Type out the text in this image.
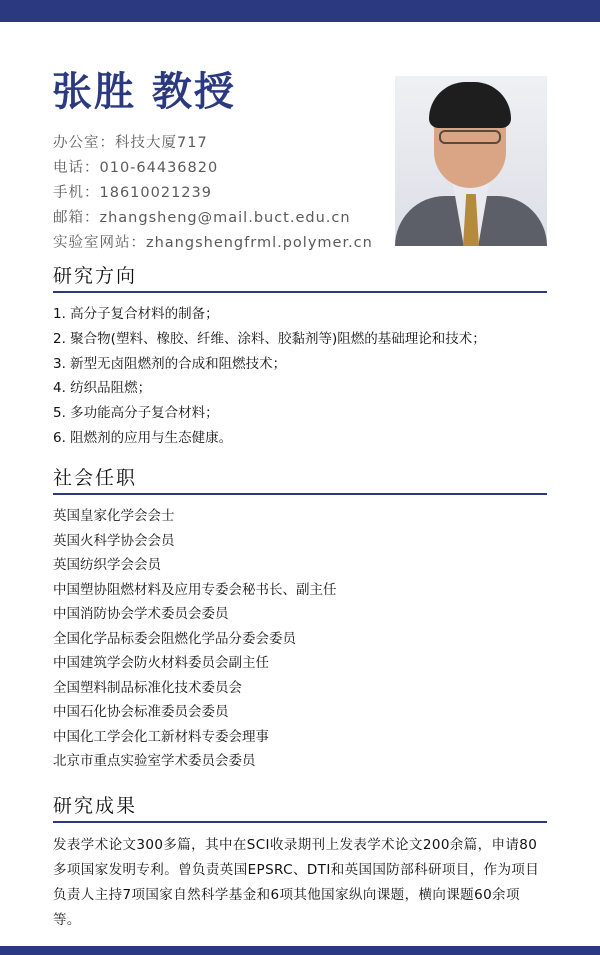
张胜 教授
办公室：科技大厦717
电话：010-64436820
手机：18610021239
邮箱：zhangsheng@mail.buct.edu.cn
实验室网站：zhangshengfrml.polymer.cn
研究方向
1. 高分子复合材料的制备；
2. 聚合物(塑料、橡胶、纤维、涂料、胶黏剂等)阻燃的基础理论和技术；
3. 新型无卤阻燃剂的合成和阻燃技术；
4. 纺织品阻燃；
5. 多功能高分子复合材料；
6. 阻燃剂的应用与生态健康。
社会任职
英国皇家化学会会士
英国火科学协会会员
英国纺织学会会员
中国塑协阻燃材料及应用专委会秘书长、副主任
中国消防协会学术委员会委员
全国化学品标委会阻燃化学品分委会委员
中国建筑学会防火材料委员会副主任
全国塑料制品标准化技术委员会
中国石化协会标准委员会委员
中国化工学会化工新材料专委会理事
北京市重点实验室学术委员会委员
研究成果
发表学术论文300多篇，其中在SCI收录期刊上发表学术论文200余篇，申请80多项国家发明专利。曾负责英国EPSRC、DTI和英国国防部科研项目，作为项目负责人主持7项国家自然科学基金和6项其他国家纵向课题，横向课题60余项等。
